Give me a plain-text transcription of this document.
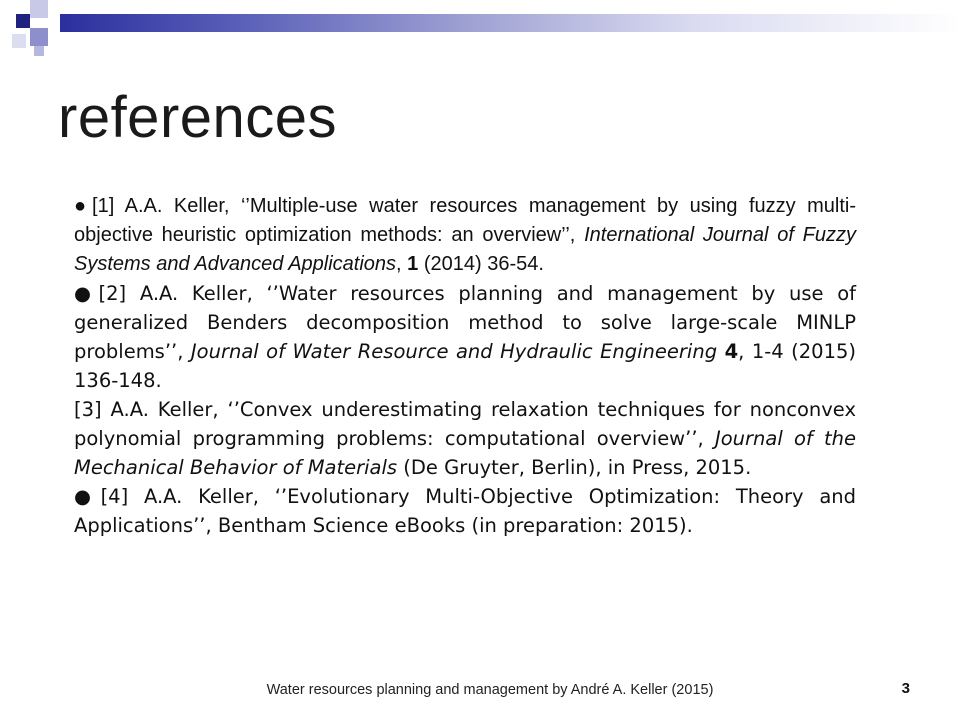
references

●[1] A.A. Keller, ‘’Multiple-use water resources management by using fuzzy multi-objective heuristic optimization methods: an overview’’, International Journal of Fuzzy Systems and Advanced Applications, 1 (2014) 36-54.

●[2] A.A. Keller, ‘’Water resources planning and management by use of generalized Benders decomposition method to solve large-scale MINLP problems’’, Journal of Water Resource and Hydraulic Engineering 4, 1-4 (2015) 136-148.

[3] A.A. Keller, ‘’Convex underestimating relaxation techniques for nonconvex polynomial programming problems: computational overview’’, Journal of the Mechanical Behavior of Materials (De Gruyter, Berlin), in Press, 2015.

●[4] A.A. Keller, ‘’Evolutionary Multi-Objective Optimization: Theory and Applications’’, Bentham Science eBooks (in preparation: 2015).

Water resources planning and management by André A. Keller (2015)	3
